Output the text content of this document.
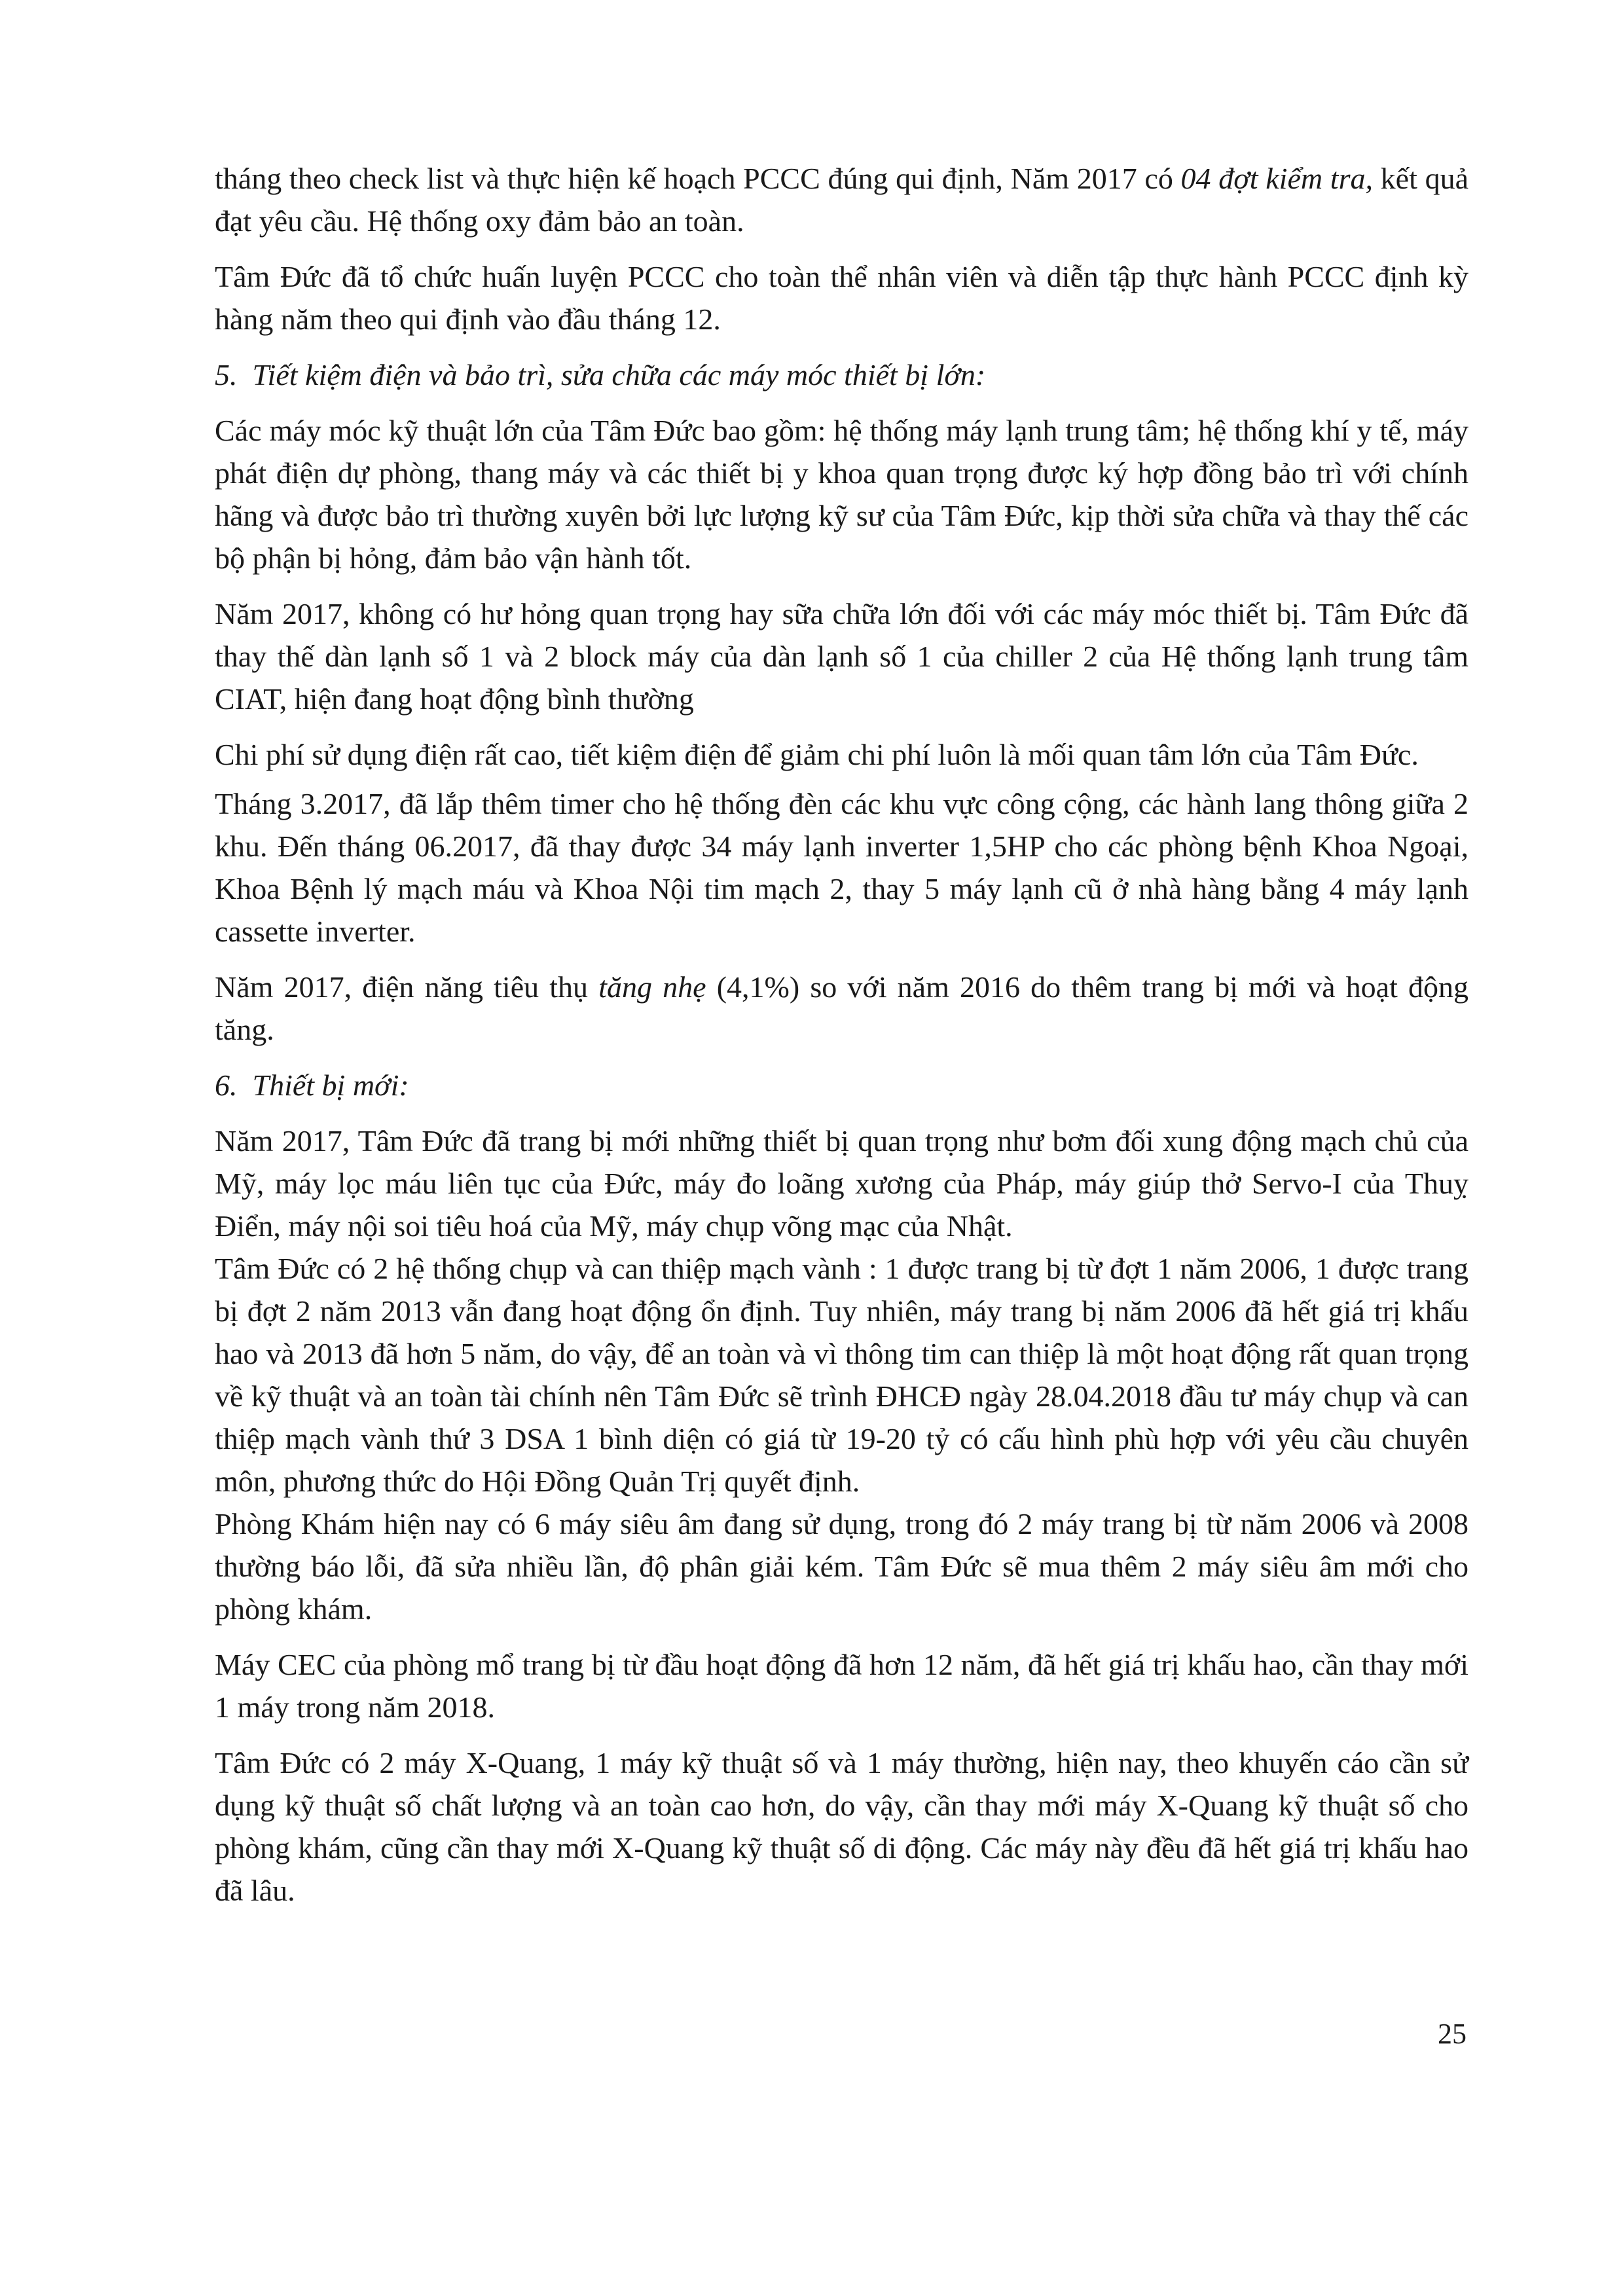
tháng theo check list và thực hiện kế hoạch PCCC đúng qui định, Năm 2017 có 04 đợt kiểm tra, kết quả đạt yêu cầu. Hệ thống oxy đảm bảo an toàn.

Tâm Đức đã tổ chức huấn luyện PCCC cho toàn thể nhân viên và diễn tập thực hành PCCC định kỳ hàng năm theo qui định vào đầu tháng 12.

5. Tiết kiệm điện và bảo trì, sửa chữa các máy móc thiết bị lớn:

Các máy móc kỹ thuật lớn của Tâm Đức bao gồm: hệ thống máy lạnh trung tâm; hệ thống khí y tế, máy phát điện dự phòng, thang máy và các thiết bị y khoa quan trọng được ký hợp đồng bảo trì với chính hãng và được bảo trì thường xuyên bởi lực lượng kỹ sư của Tâm Đức, kịp thời sửa chữa và thay thế các bộ phận bị hỏng, đảm bảo vận hành tốt.

Năm 2017, không có hư hỏng quan trọng hay sữa chữa lớn đối với các máy móc thiết bị. Tâm Đức đã thay thế dàn lạnh số 1 và 2 block máy của dàn lạnh số 1 của chiller 2 của Hệ thống lạnh trung tâm CIAT, hiện đang hoạt động bình thường

Chi phí sử dụng điện rất cao, tiết kiệm điện để giảm chi phí luôn là mối quan tâm lớn của Tâm Đức.

Tháng 3.2017, đã lắp thêm timer cho hệ thống đèn các khu vực công cộng, các hành lang thông giữa 2 khu. Đến tháng 06.2017, đã thay được 34 máy lạnh inverter 1,5HP cho các phòng bệnh Khoa Ngoại, Khoa Bệnh lý mạch máu và Khoa Nội tim mạch 2, thay 5 máy lạnh cũ ở nhà hàng bằng 4 máy lạnh cassette inverter.

Năm 2017, điện năng tiêu thụ tăng nhẹ (4,1%) so với năm 2016 do thêm trang bị mới và hoạt động tăng.

6. Thiết bị mới:

Năm 2017, Tâm Đức đã trang bị mới những thiết bị quan trọng như bơm đối xung động mạch chủ của Mỹ, máy lọc máu liên tục của Đức, máy đo loãng xương của Pháp, máy giúp thở Servo-I của Thuỵ Điển, máy nội soi tiêu hoá của Mỹ, máy chụp võng mạc của Nhật.

Tâm Đức có 2 hệ thống chụp và can thiệp mạch vành : 1 được trang bị từ đợt 1 năm 2006, 1 được trang bị đợt 2 năm 2013 vẫn đang hoạt động ổn định. Tuy nhiên, máy trang bị năm 2006 đã hết giá trị khấu hao và 2013 đã hơn 5 năm, do vậy, để an toàn và vì thông tim can thiệp là một hoạt động rất quan trọng về kỹ thuật và an toàn tài chính nên Tâm Đức sẽ trình ĐHCĐ ngày 28.04.2018 đầu tư máy chụp và can thiệp mạch vành thứ 3 DSA 1 bình diện có giá từ 19-20 tỷ có cấu hình phù hợp với yêu cầu chuyên môn, phương thức do Hội Đồng Quản Trị quyết định.

Phòng Khám hiện nay có 6 máy siêu âm đang sử dụng, trong đó 2 máy trang bị từ năm 2006 và 2008 thường báo lỗi, đã sửa nhiều lần, độ phân giải kém. Tâm Đức sẽ mua thêm 2 máy siêu âm mới cho phòng khám.

Máy CEC của phòng mổ trang bị từ đầu hoạt động đã hơn 12 năm, đã hết giá trị khấu hao, cần thay mới 1 máy trong năm 2018.

Tâm Đức có 2 máy X-Quang, 1 máy kỹ thuật số và 1 máy thường, hiện nay, theo khuyến cáo cần sử dụng kỹ thuật số chất lượng và an toàn cao hơn, do vậy, cần thay mới máy X-Quang kỹ thuật số cho phòng khám, cũng cần thay mới X-Quang kỹ thuật số di động. Các máy này đều đã hết giá trị khấu hao đã lâu.

25
